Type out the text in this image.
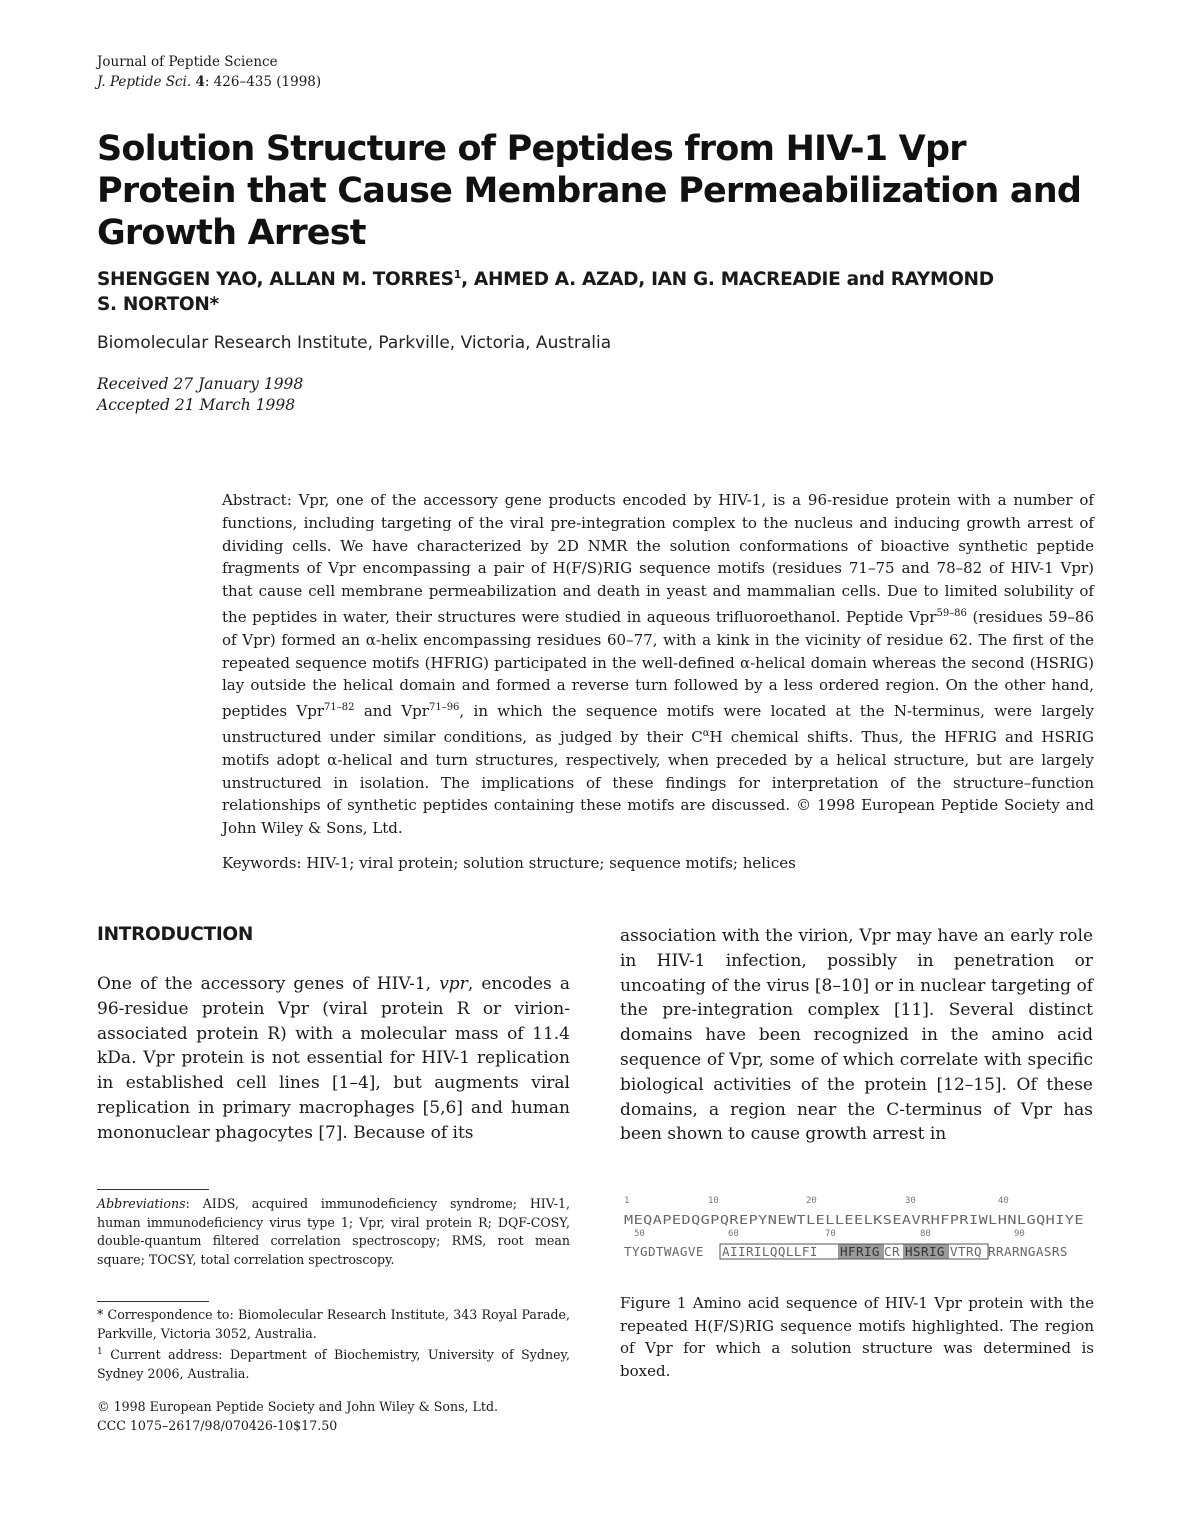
Journal of Peptide Science
J. Peptide Sci. 4: 426–435 (1998)
Solution Structure of Peptides from HIV-1 Vpr Protein that Cause Membrane Permeabilization and Growth Arrest
SHENGGEN YAO, ALLAN M. TORRES$^1$, AHMED A. AZAD, IAN G. MACREADIE and RAYMOND S. NORTON*
Biomolecular Research Institute, Parkville, Victoria, Australia
Received 27 January 1998
Accepted 21 March 1998
Abstract: Vpr, one of the accessory gene products encoded by HIV-1, is a 96-residue protein with a number of functions, including targeting of the viral pre-integration complex to the nucleus and inducing growth arrest of dividing cells. We have characterized by 2D NMR the solution conformations of bioactive synthetic peptide fragments of Vpr encompassing a pair of H(F/S)RIG sequence motifs (residues 71–75 and 78–82 of HIV-1 Vpr) that cause cell membrane permeabilization and death in yeast and mammalian cells. Due to limited solubility of the peptides in water, their structures were studied in aqueous trifluoroethanol. Peptide Vpr$^{59-86}$ (residues 59–86 of Vpr) formed an α-helix encompassing residues 60–77, with a kink in the vicinity of residue 62. The first of the repeated sequence motifs (HFRIG) participated in the well-defined α-helical domain whereas the second (HSRIG) lay outside the helical domain and formed a reverse turn followed by a less ordered region. On the other hand, peptides Vpr$^{71-82}$ and Vpr$^{71-96}$, in which the sequence motifs were located at the N-terminus, were largely unstructured under similar conditions, as judged by their $C^\alpha H$ chemical shifts. Thus, the HFRIG and HSRIG motifs adopt α-helical and turn structures, respectively, when preceded by a helical structure, but are largely unstructured in isolation. The implications of these findings for interpretation of the structure–function relationships of synthetic peptides containing these motifs are discussed. © 1998 European Peptide Society and John Wiley & Sons, Ltd.
Keywords: HIV-1; viral protein; solution structure; sequence motifs; helices
INTRODUCTION
One of the accessory genes of HIV-1, vpr, encodes a 96-residue protein Vpr (viral protein R or virion-associated protein R) with a molecular mass of 11.4 kDa. Vpr protein is not essential for HIV-1 replication in established cell lines [1–4], but augments viral replication in primary macrophages [5,6] and human mononuclear phagocytes [7]. Because of its
association with the virion, Vpr may have an early role in HIV-1 infection, possibly in penetration or uncoating of the virus [8–10] or in nuclear targeting of the pre-integration complex [11]. Several distinct domains have been recognized in the amino acid sequence of Vpr, some of which correlate with specific biological activities of the protein [12–15]. Of these domains, a region near the C-terminus of Vpr has been shown to cause growth arrest in
Abbreviations: AIDS, acquired immunodeficiency syndrome; HIV-1, human immunodeficiency virus type 1; Vpr, viral protein R; DQF-COSY, double-quantum filtered correlation spectroscopy; RMS, root mean square; TOCSY, total correlation spectroscopy.
* Correspondence to: Biomolecular Research Institute, 343 Royal Parade, Parkville, Victoria 3052, Australia.
$^1$ Current address: Department of Biochemistry, University of Sydney, Sydney 2006, Australia.
© 1998 European Peptide Society and John Wiley & Sons, Ltd.
CCC 1075–2617/98/070426-10$17.50
1	10	20	30	40
MEQAPEDQGPQREPYNEWTLELLEELKSEAVRHFPRIWLHNLGQHIYE
50	60	70	80	90
TYGDTWAGVE AIIRILQQLLFI HFRIG CR HSRIG VTRQ RRARNGASRS
Figure 1 Amino acid sequence of HIV-1 Vpr protein with the repeated H(F/S)RIG sequence motifs highlighted. The region of Vpr for which a solution structure was determined is boxed.
